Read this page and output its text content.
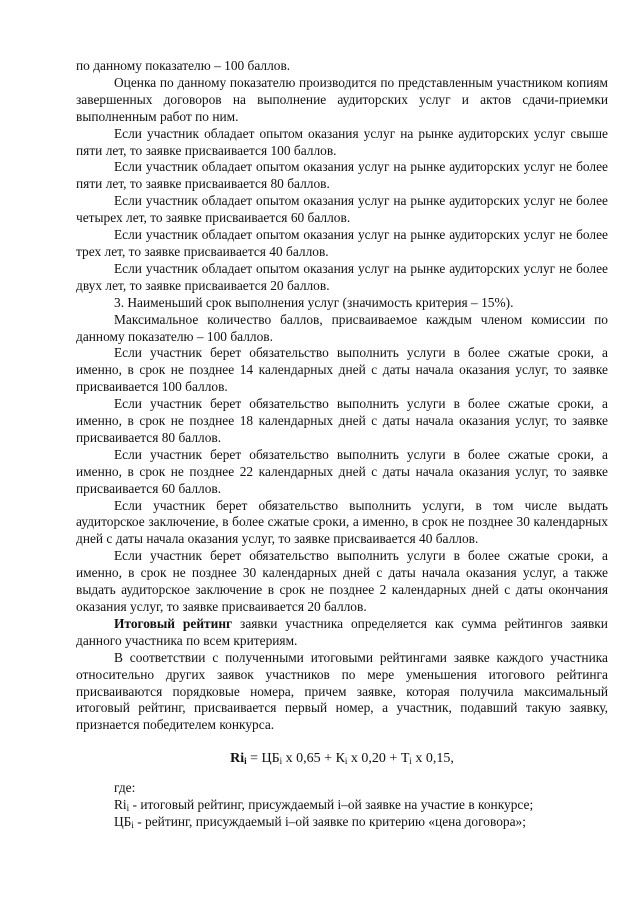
по данному показателю – 100 баллов.

Оценка по данному показателю производится по представленным участником копиям завершенных договоров на выполнение аудиторских услуг и актов сдачи-приемки выполненным работ по ним.

Если участник обладает опытом оказания услуг на рынке аудиторских услуг свыше пяти лет, то заявке присваивается 100 баллов.

Если участник обладает опытом оказания услуг на рынке аудиторских услуг не более пяти лет, то заявке присваивается 80 баллов.

Если участник обладает опытом оказания услуг на рынке аудиторских услуг не более четырех лет, то заявке присваивается 60 баллов.

Если участник обладает опытом оказания услуг на рынке аудиторских услуг не более трех лет, то заявке присваивается 40 баллов.

Если участник обладает опытом оказания услуг на рынке аудиторских услуг не более двух лет, то заявке присваивается 20 баллов.

3. Наименьший срок выполнения услуг (значимость критерия – 15%).

Максимальное количество баллов, присваиваемое каждым членом комиссии по данному показателю – 100 баллов.

Если участник берет обязательство выполнить услуги в более сжатые сроки, а именно, в срок не позднее 14 календарных дней с даты начала оказания услуг, то заявке присваивается 100 баллов.

Если участник берет обязательство выполнить услуги в более сжатые сроки, а именно, в срок не позднее 18 календарных дней с даты начала оказания услуг, то заявке присваивается 80 баллов.

Если участник берет обязательство выполнить услуги в более сжатые сроки, а именно, в срок не позднее 22 календарных дней с даты начала оказания услуг, то заявке присваивается 60 баллов.

Если участник берет обязательство выполнить услуги, в том числе выдать аудиторское заключение, в более сжатые сроки, а именно, в срок не позднее 30 календарных дней с даты начала оказания услуг, то заявке присваивается 40 баллов.

Если участник берет обязательство выполнить услуги в более сжатые сроки, а именно, в срок не позднее 30 календарных дней с даты начала оказания услуг, а также выдать аудиторское заключение в срок не позднее 2 календарных дней с даты окончания оказания услуг, то заявке присваивается 20 баллов.

Итоговый рейтинг заявки участника определяется как сумма рейтингов заявки данного участника по всем критериям.

В соответствии с полученными итоговыми рейтингами заявке каждого участника относительно других заявок участников по мере уменьшения итогового рейтинга присваиваются порядковые номера, причем заявке, которая получила максимальный итоговый рейтинг, присваивается первый номер, а участник, подавший такую заявку, признается победителем конкурса.

$Ri_i = ЦБ_i$ х $0,65 + К_i$ х $0,20 + Т_i$ х 0,15,

где:

$Ri_i$ - итоговый рейтинг, присуждаемый i–ой заявке на участие в конкурсе;

$ЦБ_i$ - рейтинг, присуждаемый i–ой заявке по критерию «цена договора»;
